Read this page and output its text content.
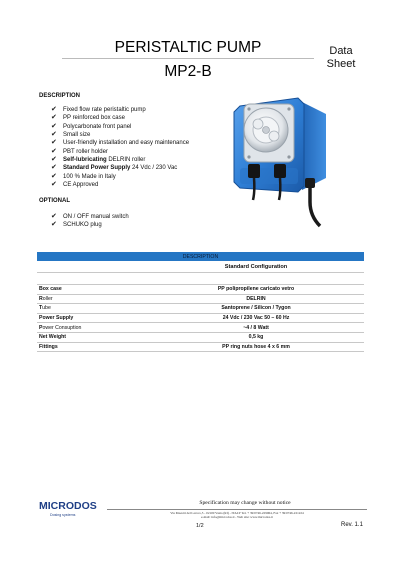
PERISTALTIC PUMP
MP2-B
Data
Sheet
DESCRIPTION
✔ Fixed flow rate peristaltic pump
✔ PP reinforced box case
✔ Polycarbonate front panel
✔ Small size
✔ User-friendly installation and easy maintenance
✔ PBT roller holder
✔ Self-lubricating DELRIN roller
✔ Standard Power Supply 24 Vdc / 230 Vac
✔ 100 % Made in Italy
✔ CE Approved
OPTIONAL
✔ ON / OFF manual switch
✔ SCHUKO plug
DESCRIPTION	
	Standard Configuration

Box case	PP polipropilene caricato vetro
Roller	DELRIN
Tube	Santoprene / Silicon / Tygon
Power Supply	24 Vdc / 230 Vac 50 – 60 Hz
Power Consuption	~4 / 8 Watt
Net Weight	0,5 kg
Fittings	PP ring nuts hose 4 x 6 mm
MICRODOS
Dosing systems
Specification may change without notice
Via Maestri del Lavoro,5 - 02100 Vazia (RI) - ITALY Tel. + 39/0746-229064, Fax + 39/0746-221224
e-mail: info@microdos.it - Web site: www.microdos.it
1/2	Rev. 1.1
